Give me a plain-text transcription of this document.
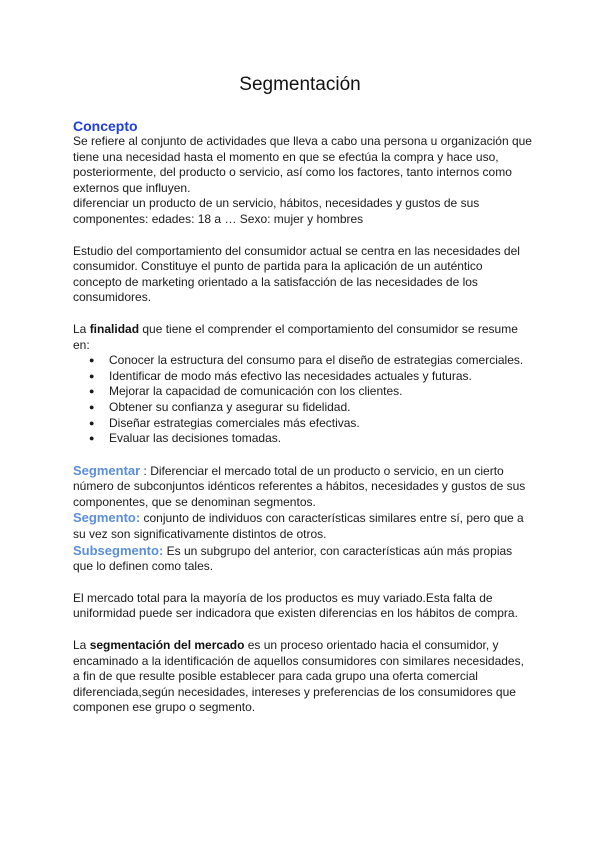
Segmentación
Concepto

Se refiere al conjunto de actividades que lleva a cabo una persona u organización que tiene una necesidad hasta el momento en que se efectúa la compra y hace uso, posteriormente, del producto o servicio, así como los factores, tanto internos como externos que influyen.

diferenciar un producto de un servicio, hábitos, necesidades y gustos de sus componentes: edades: 18 a … Sexo: mujer y hombres

Estudio del comportamiento del consumidor actual se centra en las necesidades del consumidor. Constituye el punto de partida para la aplicación de un auténtico concepto de marketing orientado a la satisfacción de las necesidades de los consumidores.

La finalidad que tiene el comprender el comportamiento del consumidor se resume en:

● Conocer la estructura del consumo para el diseño de estrategias comerciales.
● Identificar de modo más efectivo las necesidades actuales y futuras.
● Mejorar la capacidad de comunicación con los clientes.
● Obtener su confianza y asegurar su fidelidad.
● Diseñar estrategias comerciales más efectivas.
● Evaluar las decisiones tomadas.

Segmentar : Diferenciar el mercado total de un producto o servicio, en un cierto número de subconjuntos idénticos referentes a hábitos, necesidades y gustos de sus componentes, que se denominan segmentos.

Segmento: conjunto de individuos con características similares entre sí, pero que a su vez son significativamente distintos de otros.

Subsegmento: Es un subgrupo del anterior, con características aún más propias que lo definen como tales.

El mercado total para la mayoría de los productos es muy variado.Esta falta de uniformidad puede ser indicadora que existen diferencias en los hábitos de compra.

La segmentación del mercado es un proceso orientado hacia el consumidor, y encaminado a la identificación de aquellos consumidores con similares necesidades, a fin de que resulte posible establecer para cada grupo una oferta comercial diferenciada,según necesidades, intereses y preferencias de los consumidores que componen ese grupo o segmento.
